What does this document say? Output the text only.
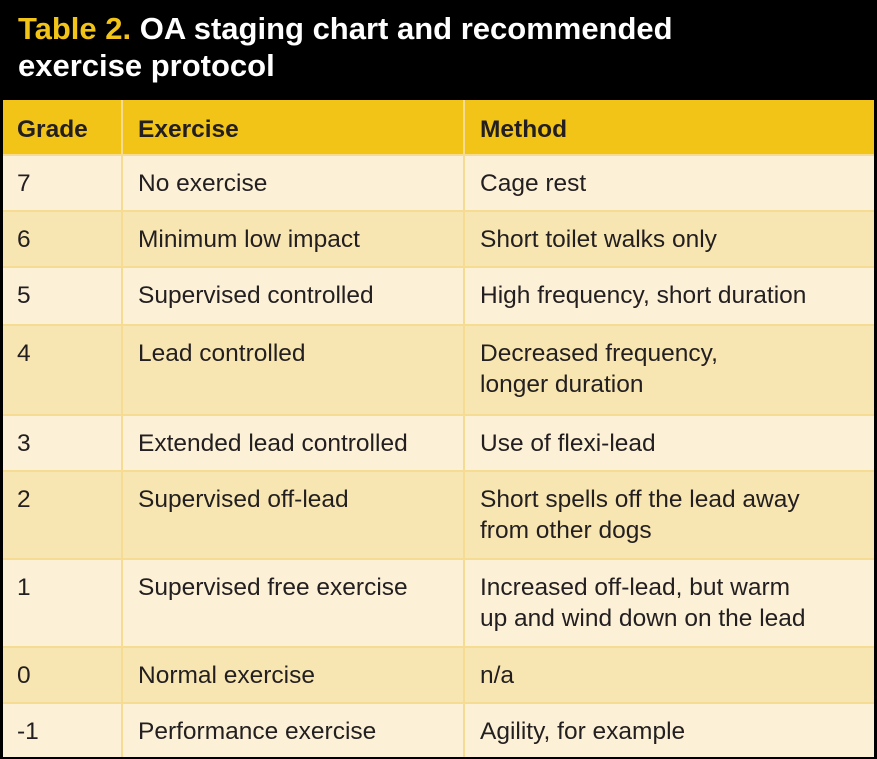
Table 2. OA staging chart and recommended
exercise protocol
Grade	Exercise	Method
7	No exercise	Cage rest
6	Minimum low impact	Short toilet walks only
5	Supervised controlled	High frequency, short duration
4	Lead controlled	Decreased frequency,
longer duration
3	Extended lead controlled	Use of flexi-lead
2	Supervised off-lead	Short spells off the lead away
from other dogs
1	Supervised free exercise	Increased off-lead, but warm
up and wind down on the lead
0	Normal exercise	n/a
-1	Performance exercise	Agility, for example
